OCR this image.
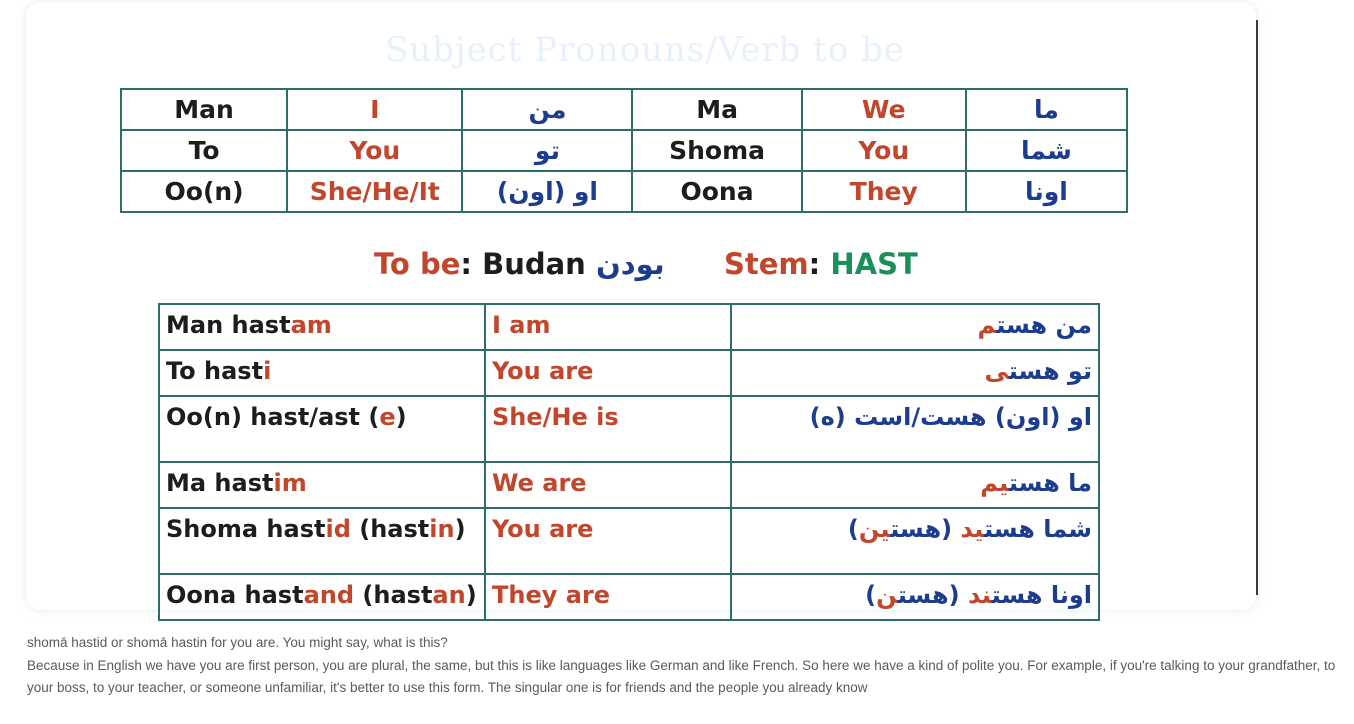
Subject Pronouns/Verb to be
Man	I	من	Ma	We	ما
To	You	تو	Shoma	You	شما
Oo(n)	She/He/It	او (اون)	Oona	They	اونا
To be: Budan بودن Stem: HAST
Man hastam	I am	من هستم
To hasti	You are	تو هستی
Oo(n) hast/ast (e)	She/He is	او (اون) هست/است (ه)
Ma hastim	We are	ما هستیم
Shoma hastid (hastin)	You are	شما هستید (هستین)
Oona hastand (hastan)	They are	اونا هستند (هستن)

shomā hastid or shomā hastin for you are. You might say, what is this?

Because in English we have you are first person, you are plural, the same, but this is like languages like German and like French. So here we have a kind of polite you. For example, if you're talking to your grandfather, to your boss, to your teacher, or someone unfamiliar, it's better to use this form. The singular one is for friends and the people you already know
